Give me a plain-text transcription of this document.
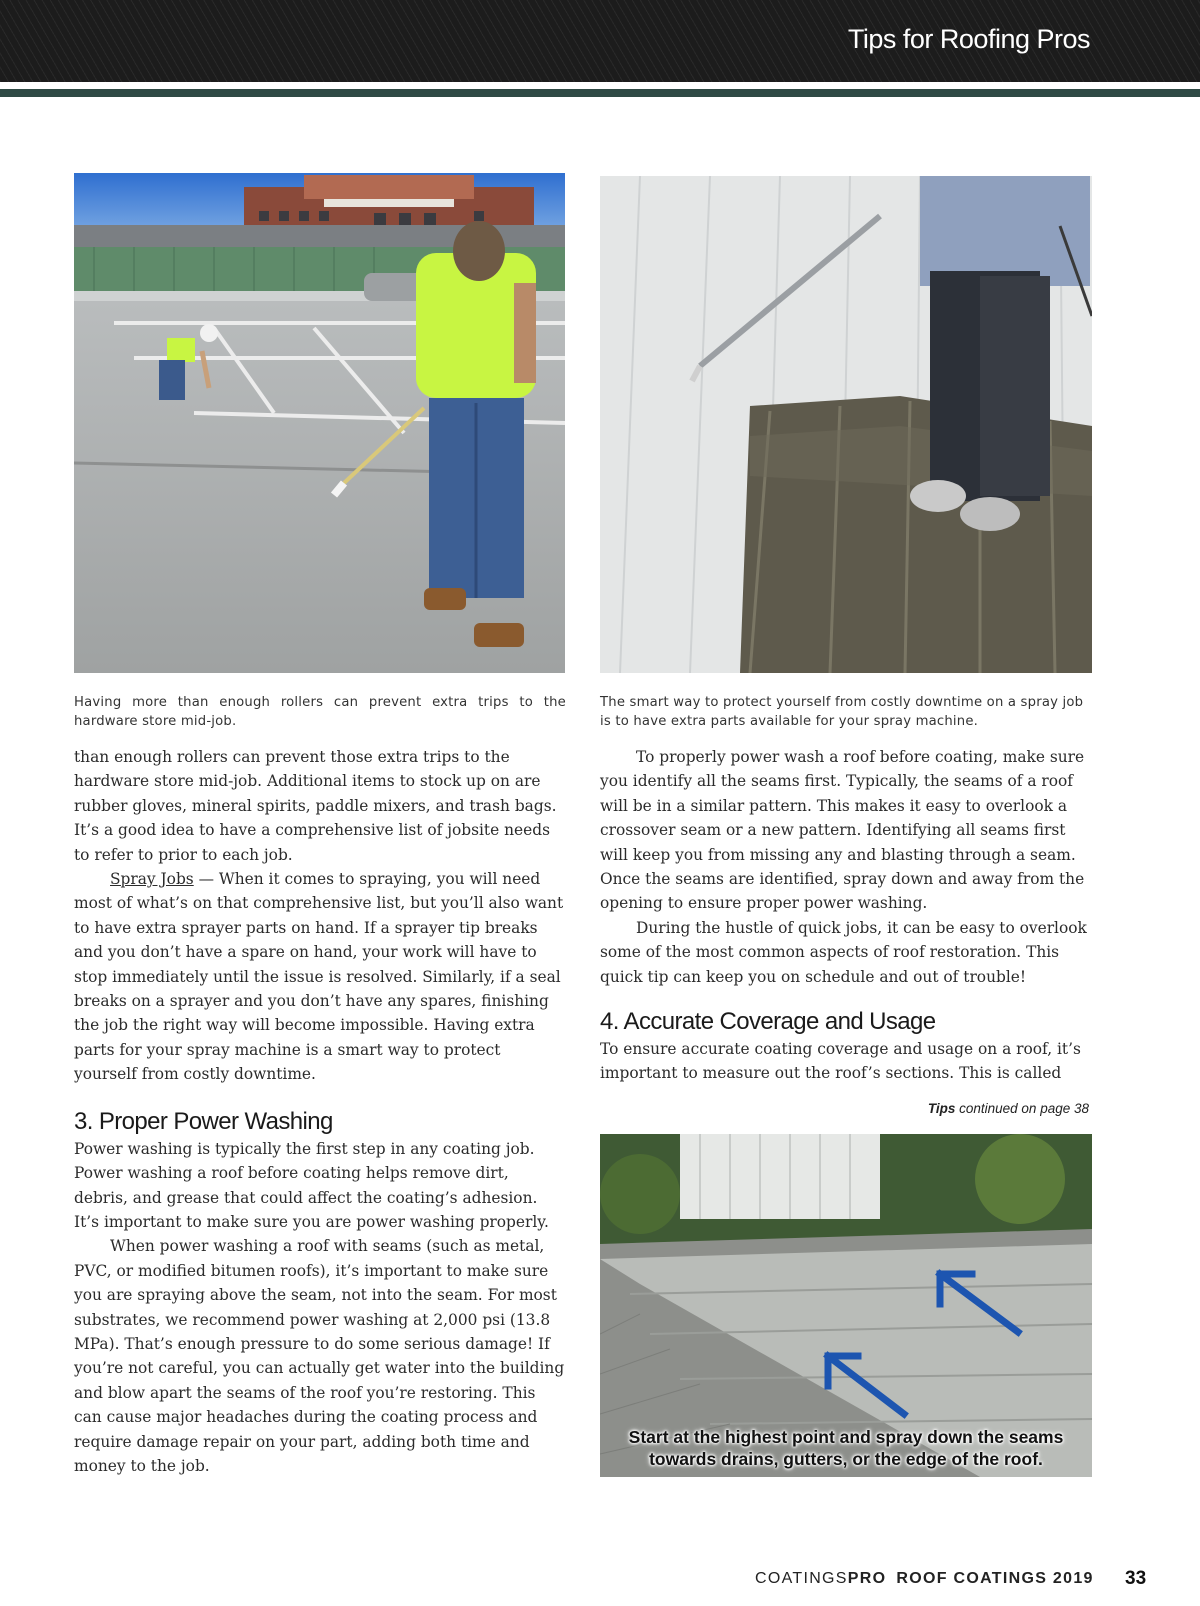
Tips for Roofing Pros
Having more than enough rollers can prevent extra trips to the hardware store mid-job.
The smart way to protect yourself from costly downtime on a spray job is to have extra parts available for your spray machine.

than enough rollers can prevent those extra trips to the hardware store mid-job. Additional items to stock up on are rubber gloves, mineral spirits, paddle mixers, and trash bags. It’s a good idea to have a comprehensive list of jobsite needs to refer to prior to each job.

Spray Jobs — When it comes to spraying, you will need most of what’s on that comprehensive list, but you’ll also want to have extra sprayer parts on hand. If a sprayer tip breaks and you don’t have a spare on hand, your work will have to stop immediately until the issue is resolved. Similarly, if a seal breaks on a sprayer and you don’t have any spares, finishing the job the right way will become impossible. Having extra parts for your spray machine is a smart way to protect yourself from costly downtime.

3. Proper Power Washing

Power washing is typically the first step in any coating job. Power washing a roof before coating helps remove dirt, debris, and grease that could affect the coating’s adhesion. It’s important to make sure you are power washing properly.

When power washing a roof with seams (such as metal, PVC, or modified bitumen roofs), it’s important to make sure you are spraying above the seam, not into the seam. For most substrates, we recommend power washing at 2,000 psi (13.8 MPa). That’s enough pressure to do some serious damage! If you’re not careful, you can actually get water into the building and blow apart the seams of the roof you’re restoring. This can cause major headaches during the coating process and require damage repair on your part, adding both time and money to the job.

To properly power wash a roof before coating, make sure you identify all the seams first. Typically, the seams of a roof will be in a similar pattern. This makes it easy to overlook a crossover seam or a new pattern. Identifying all seams first will keep you from missing any and blasting through a seam. Once the seams are identified, spray down and away from the opening to ensure proper power washing.

During the hustle of quick jobs, it can be easy to overlook some of the most common aspects of roof restoration. This quick tip can keep you on schedule and out of trouble!

4. Accurate Coverage and Usage

To ensure accurate coating coverage and usage on a roof, it’s important to measure out the roof’s sections. This is called

Tips continued on page 38
Start at the highest point and spray down the seams
towards drains, gutters, or the edge of the roof.
COATINGSPRO ROOF COATINGS 2019 33
